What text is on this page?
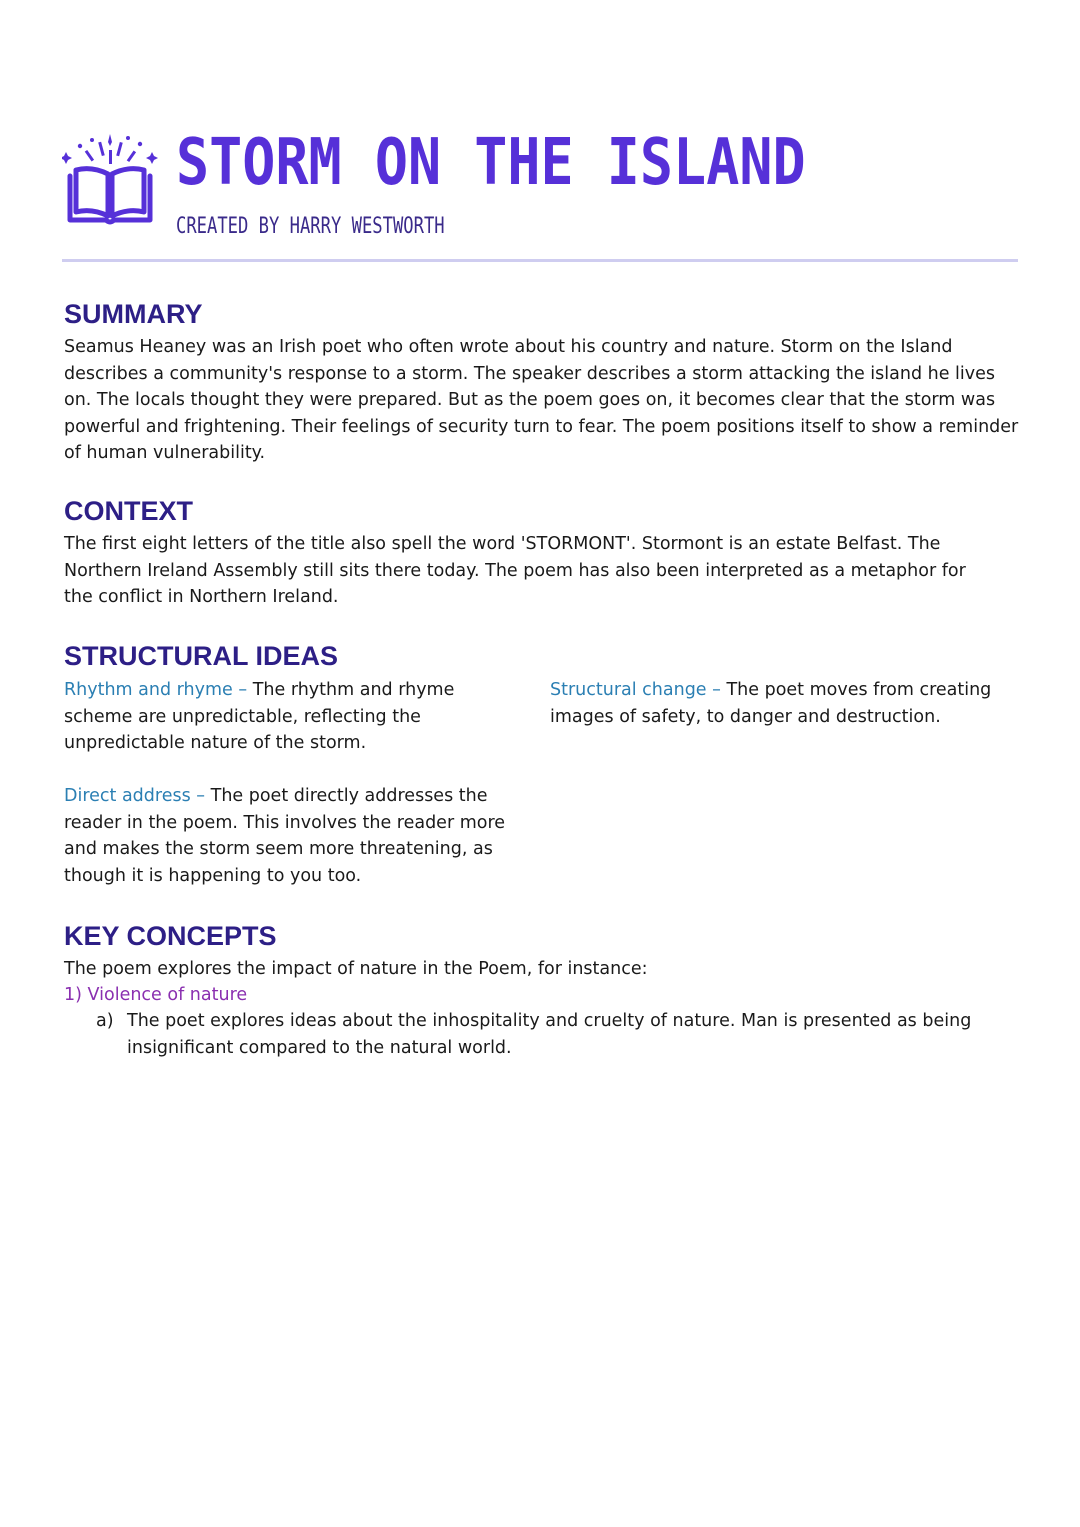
STORM ON THE ISLAND
CREATED BY HARRY WESTWORTH
SUMMARY

Seamus Heaney was an Irish poet who often wrote about his country and nature. Storm on the Island describes a community's response to a storm. The speaker describes a storm attacking the island he lives on. The locals thought they were prepared. But as the poem goes on, it becomes clear that the storm was powerful and frightening. Their feelings of security turn to fear. The poem positions itself to show a reminder of human vulnerability.

CONTEXT

The first eight letters of the title also spell the word 'STORMONT'. Stormont is an estate Belfast. The Northern Ireland Assembly still sits there today. The poem has also been interpreted as a metaphor for the conflict in Northern Ireland.

STRUCTURAL IDEAS

Rhythm and rhyme – The rhythm and rhyme scheme are unpredictable, reflecting the unpredictable nature of the storm.

Structural change – The poet moves from creating images of safety, to danger and destruction.

Direct address – The poet directly addresses the reader in the poem. This involves the reader more and makes the storm seem more threatening, as though it is happening to you too.

KEY CONCEPTS

The poem explores the impact of nature in the Poem, for instance:

1) Violence of nature

a) The poet explores ideas about the inhospitality and cruelty of nature. Man is presented as being insignificant compared to the natural world.
